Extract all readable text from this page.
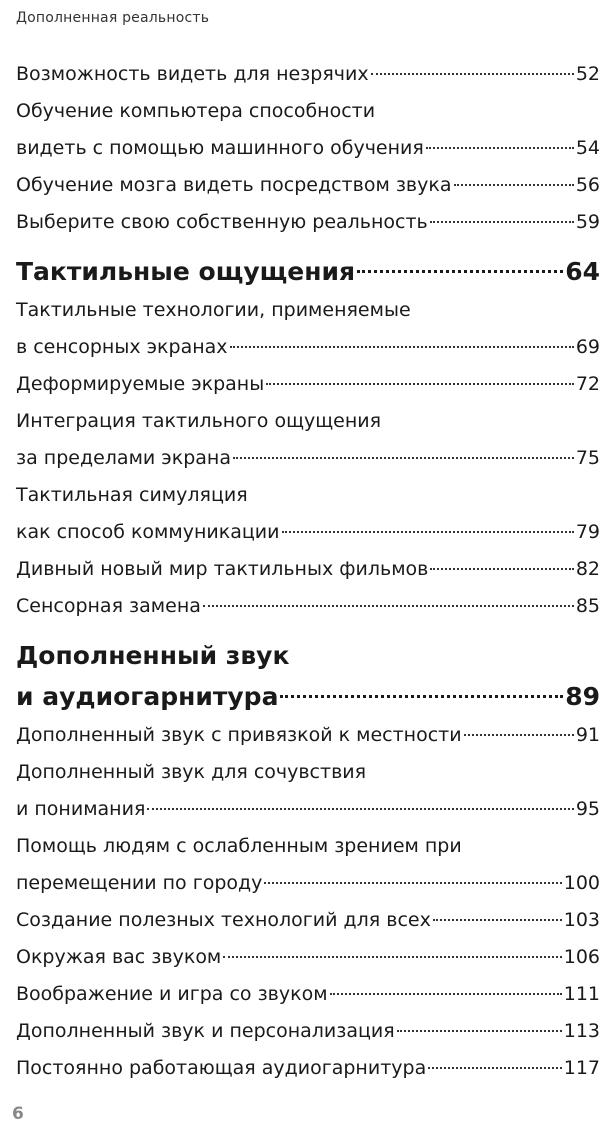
Дополненная реальность
Возможность видеть для незрячих	52
Обучение компьютера способности
видеть с помощью машинного обучения	54
Обучение мозга видеть посредством звука	56
Выберите свою собственную реальность	59
Тактильные ощущения	64
Тактильные технологии, применяемые
в сенсорных экранах	69
Деформируемые экраны	72
Интеграция тактильного ощущения
за пределами экрана	75
Тактильная симуляция
как способ коммуникации	79
Дивный новый мир тактильных фильмов	82
Сенсорная замена	85
Дополненный звук
и аудиогарнитура	89
Дополненный звук с привязкой к местности	91
Дополненный звук для сочувствия
и понимания	95
Помощь людям с ослабленным зрением при
перемещении по городу	100
Создание полезных технологий для всех	103
Окружая вас звуком	106
Воображение и игра со звуком	111
Дополненный звук и персонализация	113
Постоянно работающая аудиогарнитура	117
6
